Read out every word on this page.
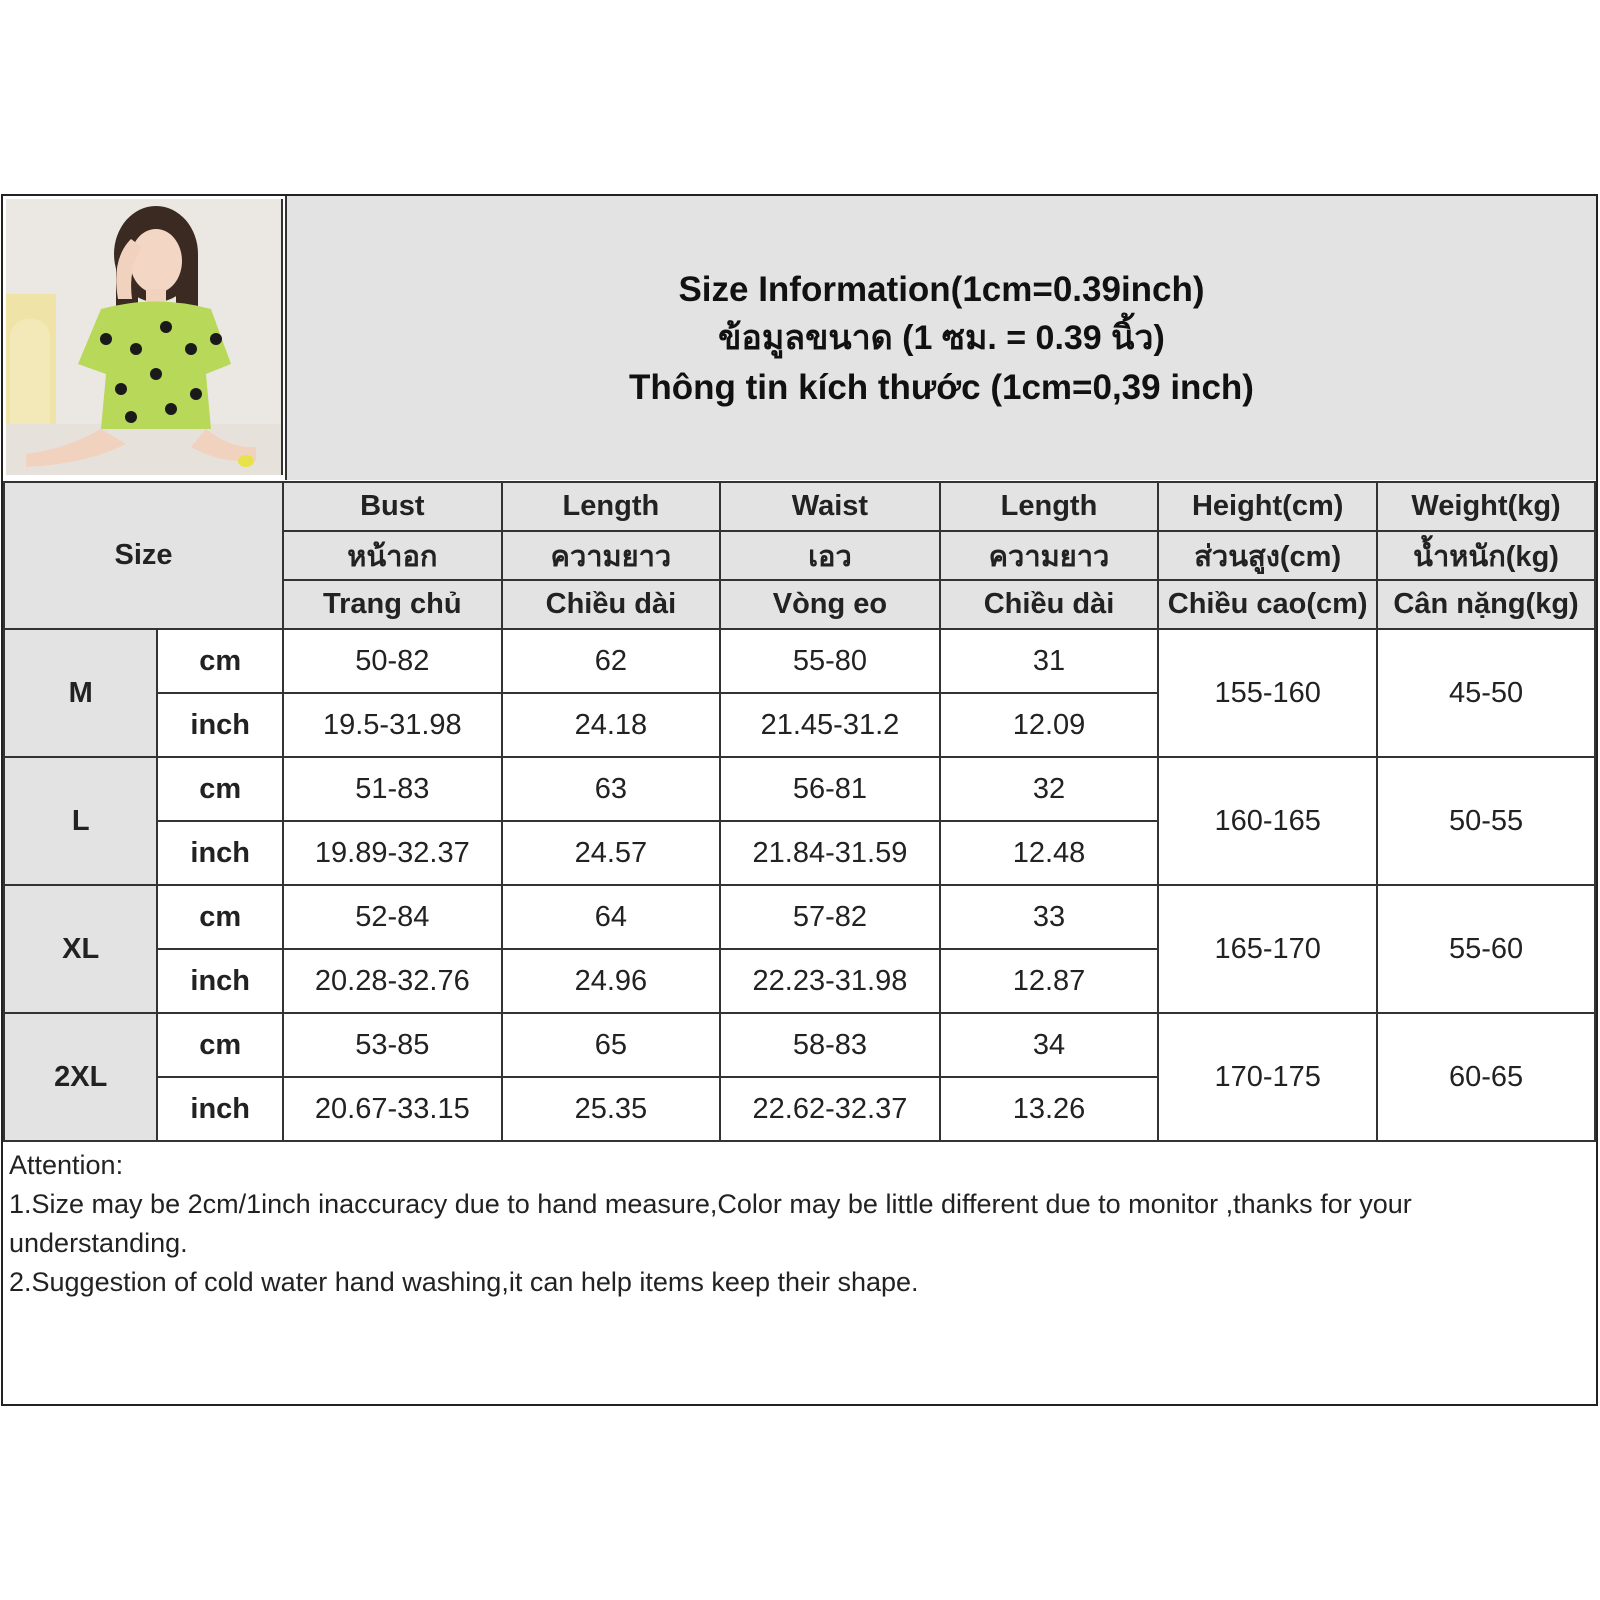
Size Information(1cm=0.39inch)
ข้อมูลขนาด (1 ซม. = 0.39 นิ้ว)
Thông tin kích thước (1cm=0,39 inch)
Size		Bust	Length	Waist	Length	Height(cm)	Weight(kg)
		หน้าอก	ความยาว	เอว	ความยาว	ส่วนสูง(cm)	น้ำหนัก(kg)
		Trang chủ	Chiều dài	Vòng eo	Chiều dài	Chiều cao(cm)	Cân nặng(kg)
M	cm	50-82	62	55-80	31	155-160	45-50
	inch	19.5-31.98	24.18	21.45-31.2	12.09		
L	cm	51-83	63	56-81	32	160-165	50-55
	inch	19.89-32.37	24.57	21.84-31.59	12.48		
XL	cm	52-84	64	57-82	33	165-170	55-60
	inch	20.28-32.76	24.96	22.23-31.98	12.87		
2XL	cm	53-85	65	58-83	34	170-175	60-65
	inch	20.67-33.15	25.35	22.62-32.37	13.26		
Attention:
1.Size may be 2cm/1inch inaccuracy due to hand measure,Color may be little different due to monitor ,thanks for your understanding.
2.Suggestion of cold water hand washing,it can help items keep their shape.
